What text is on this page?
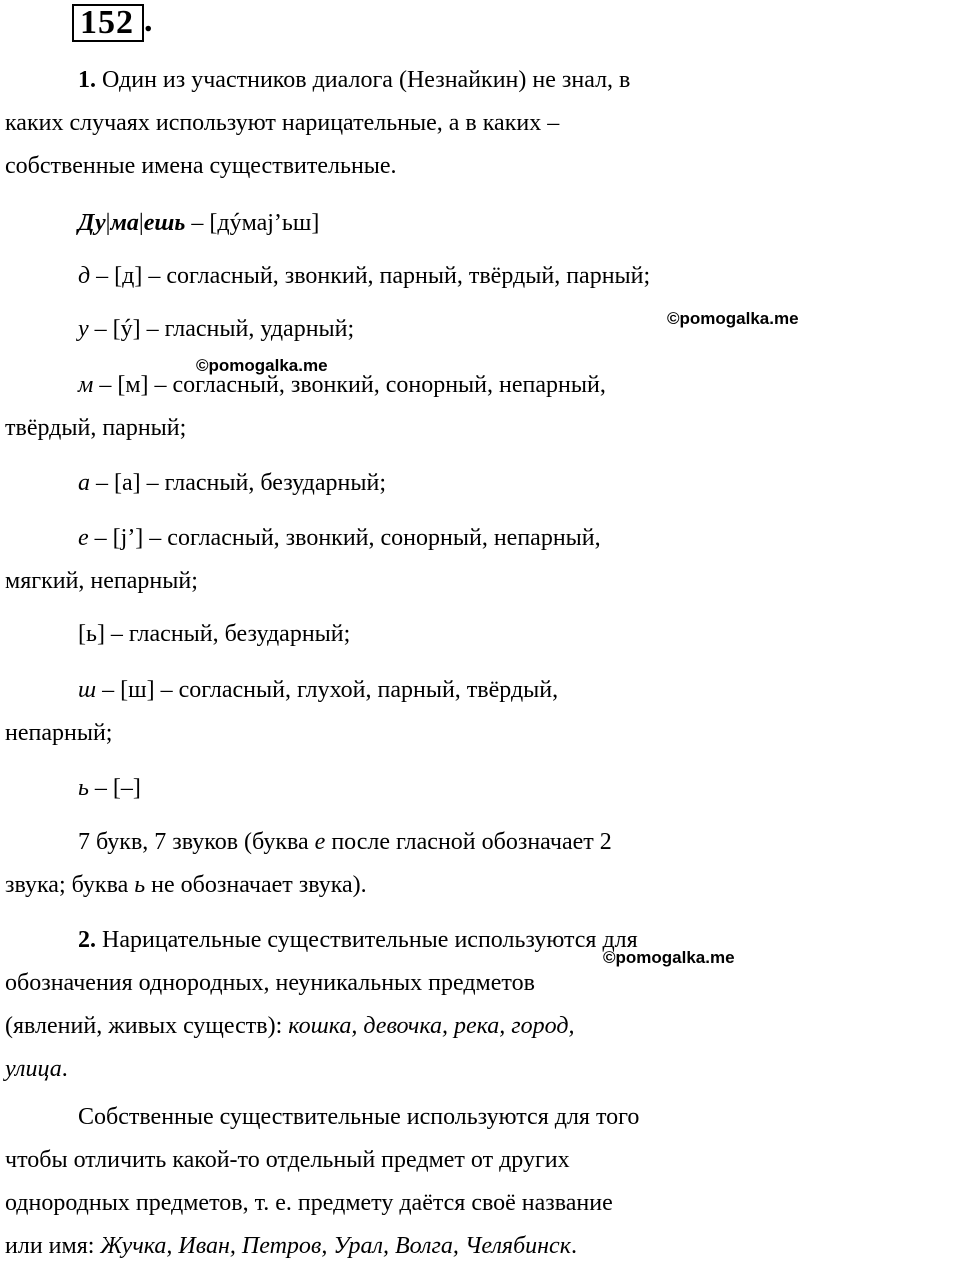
152 .
1. Один из участников диалога (Незнайкин) не знал, в
каких случаях используют нарицательные, а в каких –
собственные имена существительные.
Ду|ма|ешь – [дýмаj’ьш]
д – [д] – согласный, звонкий, парный, твёрдый, парный;
у – [ý] – гласный, ударный;
м – [м] – согласный, звонкий, сонорный, непарный,
твёрдый, парный;
а – [а] – гласный, безударный;
е – [j’] – согласный, звонкий, сонорный, непарный,
мягкий, непарный;
[ь] – гласный, безударный;
ш – [ш] – согласный, глухой, парный, твёрдый,
непарный;
ь – [–]
7 букв, 7 звуков (буква е после гласной обозначает 2
звука; буква ь не обозначает звука).
2. Нарицательные существительные используются для
обозначения однородных, неуникальных предметов
(явлений, живых существ): кошка, девочка, река, город,
улица.
Собственные существительные используются для того
чтобы отличить какой-то отдельный предмет от других
однородных предметов, т. е. предмету даётся своё название
или имя: Жучка, Иван, Петров, Урал, Волга, Челябинск.
©pomogalka.me
©pomogalka.me
©pomogalka.me
